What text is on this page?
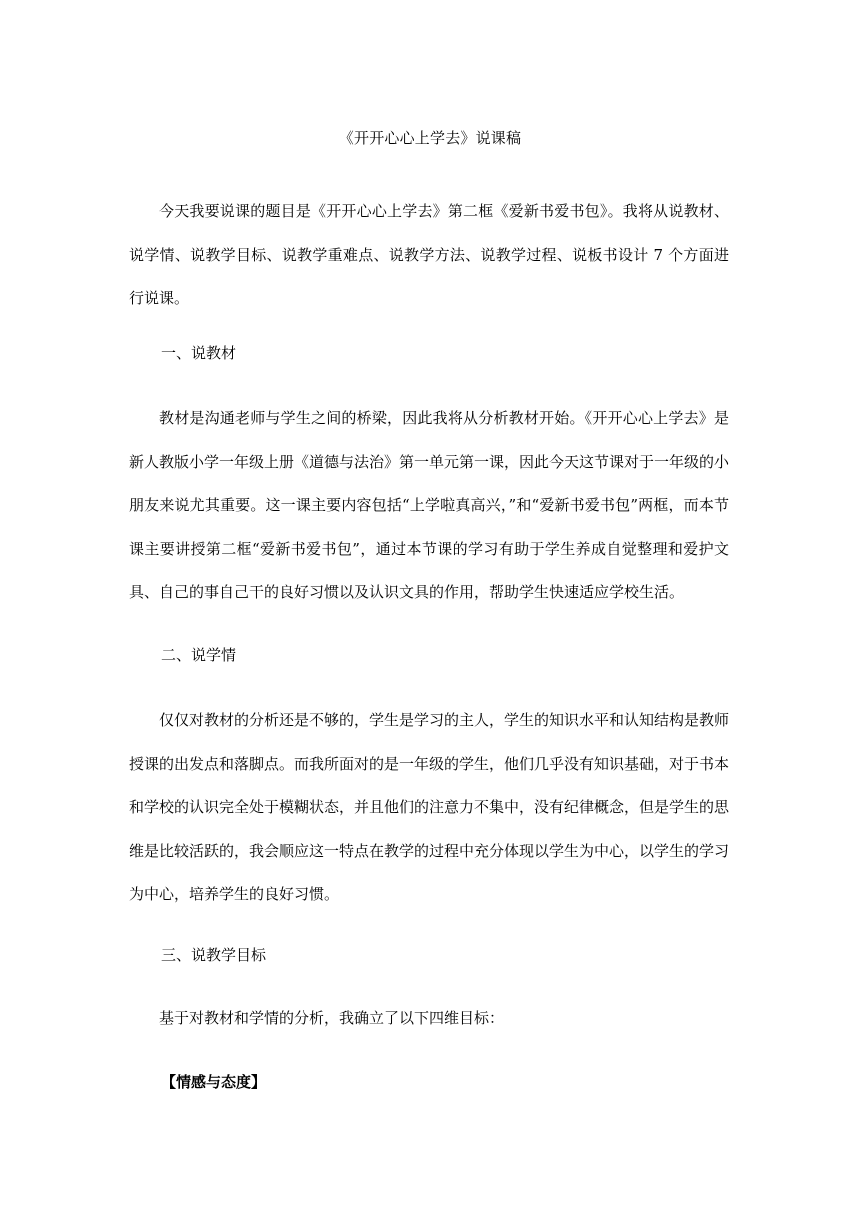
《开开心心上学去》说课稿

今天我要说课的题目是《开开心心上学去》第二框《爱新书爱书包》。我将从说教材、说学情、说教学目标、说教学重难点、说教学方法、说教学过程、说板书设计 7 个方面进行说课。

一、说教材

教材是沟通老师与学生之间的桥梁，因此我将从分析教材开始。《开开心心上学去》是新人教版小学一年级上册《道德与法治》第一单元第一课，因此今天这节课对于一年级的小朋友来说尤其重要。这一课主要内容包括“上学啦真高兴，”和“爱新书爱书包”两框，而本节课主要讲授第二框“爱新书爱书包”，通过本节课的学习有助于学生养成自觉整理和爱护文具、自己的事自己干的良好习惯以及认识文具的作用，帮助学生快速适应学校生活。

二、说学情

仅仅对教材的分析还是不够的，学生是学习的主人，学生的知识水平和认知结构是教师授课的出发点和落脚点。而我所面对的是一年级的学生，他们几乎没有知识基础，对于书本和学校的认识完全处于模糊状态，并且他们的注意力不集中，没有纪律概念，但是学生的思维是比较活跃的，我会顺应这一特点在教学的过程中充分体现以学生为中心，以学生的学习为中心，培养学生的良好习惯。

三、说教学目标

基于对教材和学情的分析，我确立了以下四维目标：

【情感与态度】
